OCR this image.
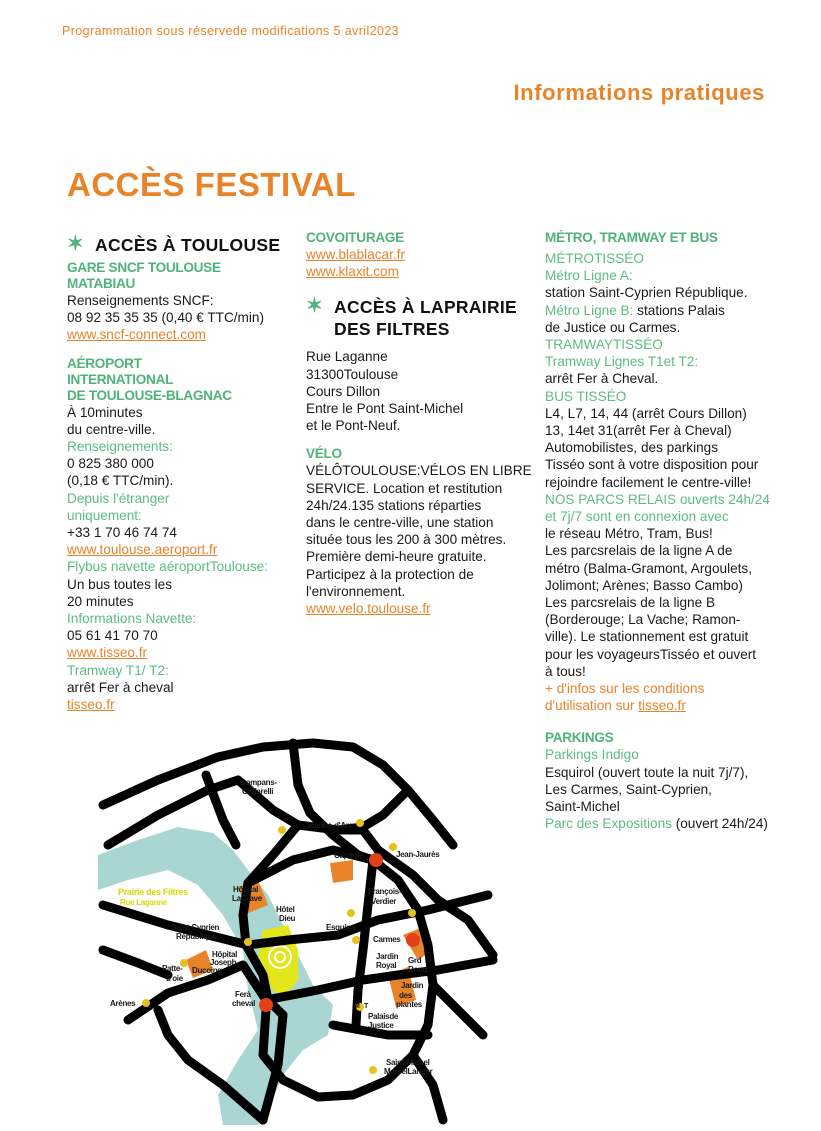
Programmation sous réservede modifications 5 avril2023
Informations pratiques
ACCÈS FESTIVAL
✶ ACCÈS À TOULOUSE
GARE SNCF TOULOUSE
MATABIAU
Renseignements SNCF:
08 92 35 35 35 (0,40 € TTC/min)
www.sncf-connect.com
AÉROPORT
INTERNATIONAL
DE TOULOUSE-BLAGNAC
À 10minutes
du centre-ville.
Renseignements:
0 825 380 000
(0,18 € TTC/min).
Depuis l'étranger
uniquement:
+33 1 70 46 74 74
www.toulouse.aeroport.fr
Flybus navette aéroportToulouse:
Un bus toutes les
20 minutes
Informations Navette:
05 61 41 70 70
www.tisseo.fr
Tramway T1/ T2:
arrêt Fer à cheval
tisseo.fr
COVOITURAGE
www.blablacar.fr
www.klaxit.com
✶ ACCÈS À LAPRAIRIE
DES FILTRES
Rue Laganne
31300Toulouse
Cours Dillon
Entre le Pont Saint-Michel
et le Pont-Neuf.
VÉLO
VÉLÔTOULOUSE:VÉLOS EN LIBRE
SERVICE. Location et restitution
24h/24.135 stations réparties
dans le centre-ville, une station
située tous les 200 à 300 mètres.
Première demi-heure gratuite.
Participez à la protection de
l'environnement.
www.velo.toulouse.fr
MÉTRO, TRAMWAY ET BUS
MÉTROTISSÉO
Métro Ligne A:
station Saint-Cyprien République.
Métro Ligne B: stations Palais
de Justice ou Carmes.
TRAMWAYTISSÉO
Tramway Lignes T1et T2:
arrêt Fer à Cheval.
BUS TISSÉO
L4, L7, 14, 44 (arrêt Cours Dillon)
13, 14et 31(arrêt Fer à Cheval)
Automobilistes, des parkings
Tisséo sont à votre disposition pour
rejoindre facilement le centre-ville!
NOS PARCS RELAIS ouverts 24h/24
et 7j/7 sont en connexion avec
le réseau Métro, Tram, Bus!
Les parcsrelais de la ligne A de
métro (Balma-Gramont, Argoulets,
Jolimont; Arènes; Basso Cambo)
Les parcsrelais de la ligne B
(Borderouge; La Vache; Ramon-
ville). Le stationnement est gratuit
pour les voyageursTisséo et ouvert
à tous!
+ d'infos sur les conditions
d'utilisation sur tisseo.fr
PARKINGS
Parkings Indigo
Esquirol (ouvert toute la nuit 7j/7),
Les Carmes, Saint-Cyprien,
Saint-Michel
Parc des Expositions (ouvert 24h/24)
Compans-
Caffarelli
Jeanne-d'Arc
Capitole	Jean-Jaurès
Prairie des Filtres
Rue Laganne
Hôpital
LaGrave
Hôtel
Dieu
François-
Verdier
Esquirol
Saint-Cyprien
République	Carmes
Hôpital
Joseph-
Ducoing
Jardin
Royal
Grd
Rond
Patte-
d'oie
Arènes
Ferà
cheval
Jardin
des
plantes
Palaisde
Justice
M T
Saint-Michel
MarcelLanger
